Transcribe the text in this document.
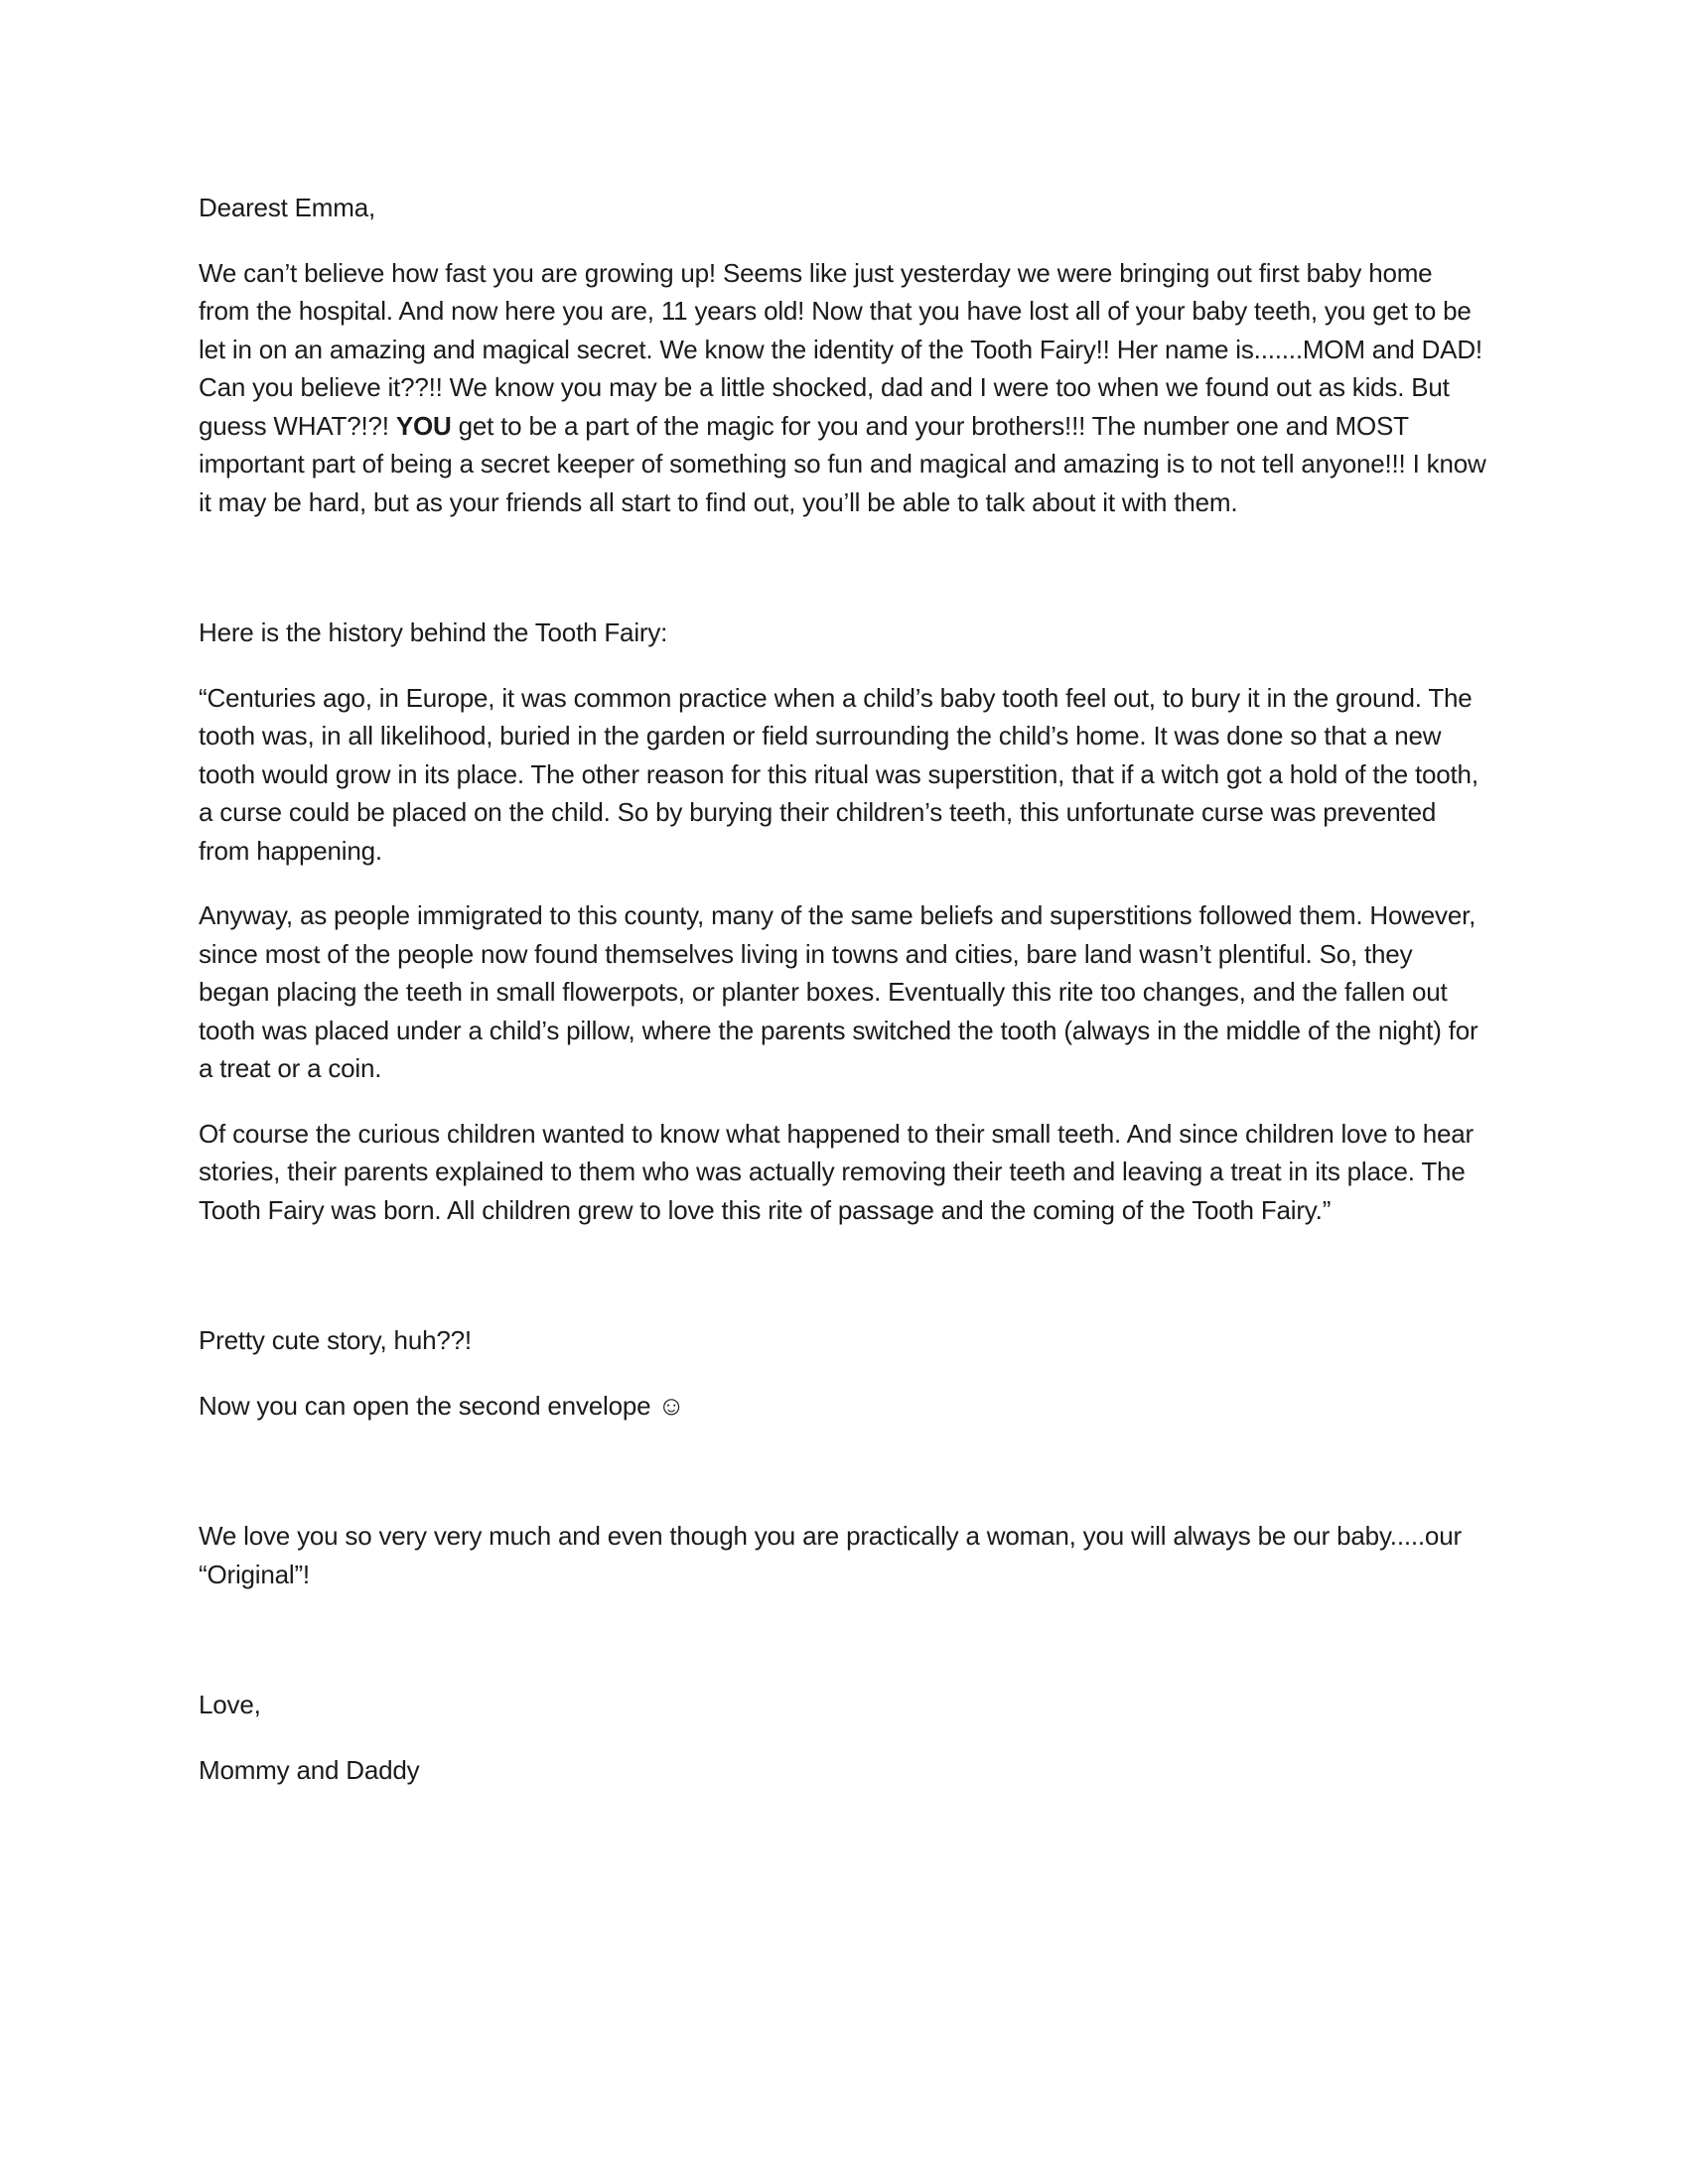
Dearest Emma,

We can’t believe how fast you are growing up! Seems like just yesterday we were bringing out first baby home from the hospital. And now here you are, 11 years old! Now that you have lost all of your baby teeth, you get to be let in on an amazing and magical secret. We know the identity of the Tooth Fairy!! Her name is.......MOM and DAD! Can you believe it??!! We know you may be a little shocked, dad and I were too when we found out as kids. But guess WHAT?!?! YOU get to be a part of the magic for you and your brothers!!! The number one and MOST important part of being a secret keeper of something so fun and magical and amazing is to not tell anyone!!! I know it may be hard, but as your friends all start to find out, you’ll be able to talk about it with them.

Here is the history behind the Tooth Fairy:

“Centuries ago, in Europe, it was common practice when a child’s baby tooth feel out, to bury it in the ground. The tooth was, in all likelihood, buried in the garden or field surrounding the child’s home. It was done so that a new tooth would grow in its place. The other reason for this ritual was superstition, that if a witch got a hold of the tooth, a curse could be placed on the child. So by burying their children’s teeth, this unfortunate curse was prevented from happening.

Anyway, as people immigrated to this county, many of the same beliefs and superstitions followed them. However, since most of the people now found themselves living in towns and cities, bare land wasn’t plentiful. So, they began placing the teeth in small flowerpots, or planter boxes. Eventually this rite too changes, and the fallen out tooth was placed under a child’s pillow, where the parents switched the tooth (always in the middle of the night) for a treat or a coin.

Of course the curious children wanted to know what happened to their small teeth. And since children love to hear stories, their parents explained to them who was actually removing their teeth and leaving a treat in its place. The Tooth Fairy was born. All children grew to love this rite of passage and the coming of the Tooth Fairy.”

Pretty cute story, huh??!

Now you can open the second envelope ☺

We love you so very very much and even though you are practically a woman, you will always be our baby.....our “Original”!

Love,

Mommy and Daddy
